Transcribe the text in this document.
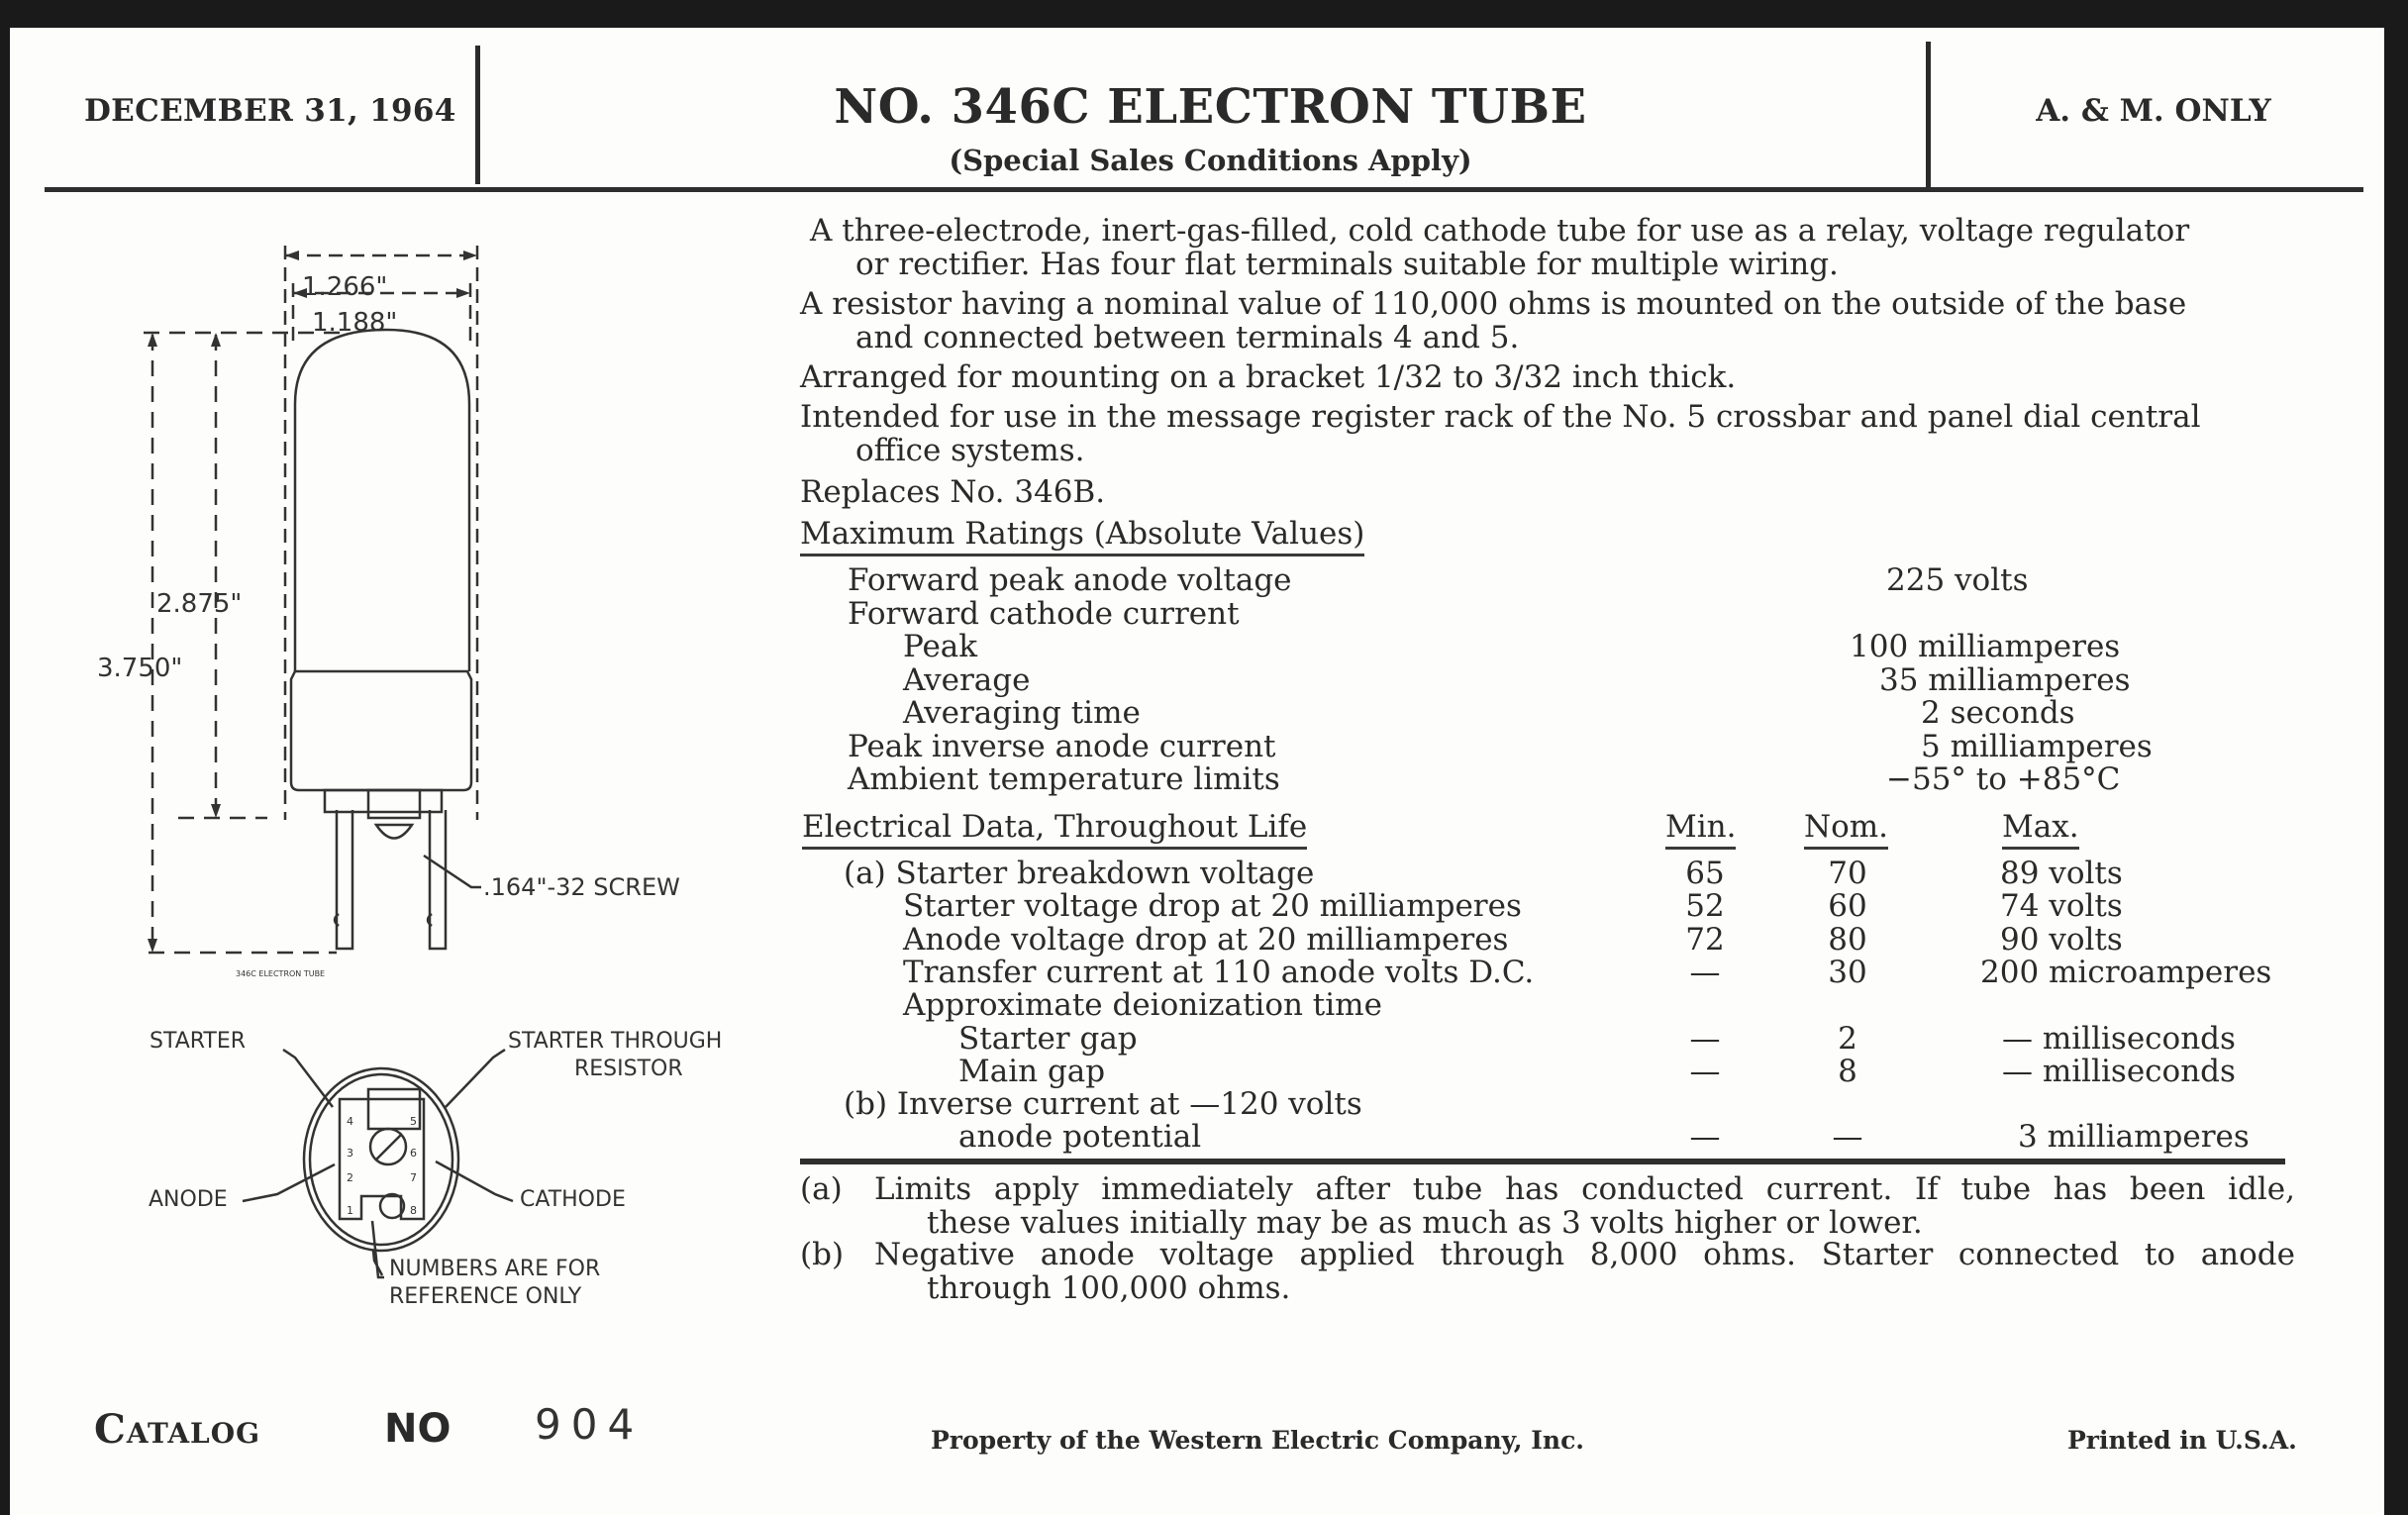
DECEMBER 31, 1964	NO. 346C ELECTRON TUBE
(Special Sales Conditions Apply)
A. & M. ONLY
A three-electrode, inert-gas-filled, cold cathode tube for use as a relay, voltage regulator
or rectifier. Has four flat terminals suitable for multiple wiring.
A resistor having a nominal value of 110,000 ohms is mounted on the outside of the base
and connected between terminals 4 and 5.
Arranged for mounting on a bracket 1/32 to 3/32 inch thick.
Intended for use in the message register rack of the No. 5 crossbar and panel dial central
office systems.
Replaces No. 346B.
Maximum Ratings (Absolute Values)
Forward peak anode voltage	225 volts
Forward cathode current
Peak	100 milliamperes
Average	35 milliamperes
Averaging time	2 seconds
Peak inverse anode current	5 milliamperes
Ambient temperature limits	−55° to +85°C
Electrical Data, Throughout Life	Min. Nom.	Max.
(a) Starter breakdown voltage	65	70	89 volts
Starter voltage drop at 20 milliamperes	52	60	74 volts
Anode voltage drop at 20 milliamperes	72	80	90 volts
Transfer current at 110 anode volts D.C.	—	30	200 microamperes
Approximate deionization time
Starter gap	—	2	— milliseconds
Main gap	—	8	— milliseconds
(b) Inverse current at —120 volts
anode potential	—	—	3 milliamperes
(a) Limits apply immediately after tube has conducted current. If tube has been idle,
these values initially may be as much as 3 volts higher or lower.
(b) Negative anode voltage applied through 8,000 ohms. Starter connected to anode
through 100,000 ohms.
1.266"
1.188"
2.875"
3.750"
.164"-32 SCREW
346C ELECTRON TUBE
STARTER	STARTER THROUGH
RESISTOR
ANODE	CATHODE
NUMBERS ARE FOR
REFERENCE ONLY
1
2
3
4	5
6
7
8
Catalog	NO 904	Property of the Western Electric Company, Inc.	Printed in U.S.A.
